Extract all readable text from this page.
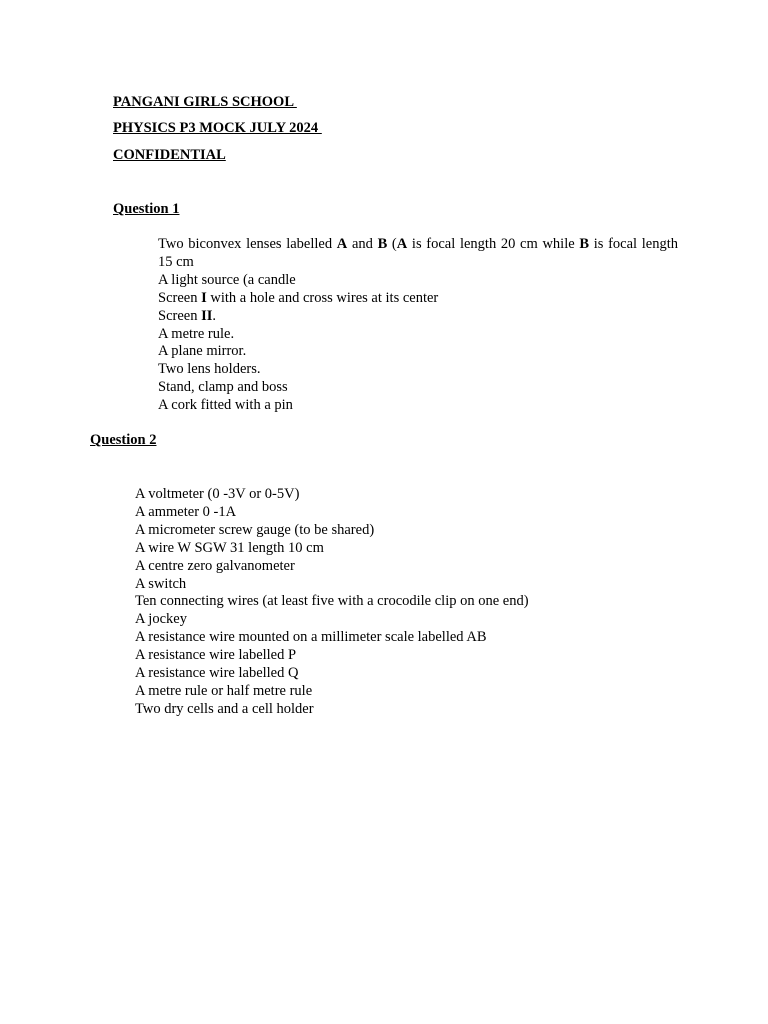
PANGANI GIRLS SCHOOL
PHYSICS P3 MOCK JULY 2024
CONFIDENTIAL
Question 1
Two biconvex lenses labelled A and B (A is focal length 20 cm while B is focal length 15 cm
A light source (a candle
Screen I with a hole and cross wires at its center
Screen II.
A metre rule.
A plane mirror.
Two lens holders.
Stand, clamp and boss
A cork fitted with a pin
Question 2
A voltmeter (0 -3V or 0-5V)
A ammeter 0 -1A
A micrometer screw gauge (to be shared)
A wire W SGW 31 length 10 cm
A centre zero galvanometer
A switch
Ten connecting wires (at least five with a crocodile clip on one end)
A jockey
A resistance wire mounted on a millimeter scale labelled AB
A resistance wire labelled P
A resistance wire labelled Q
A metre rule or half metre rule
Two dry cells and a cell holder
